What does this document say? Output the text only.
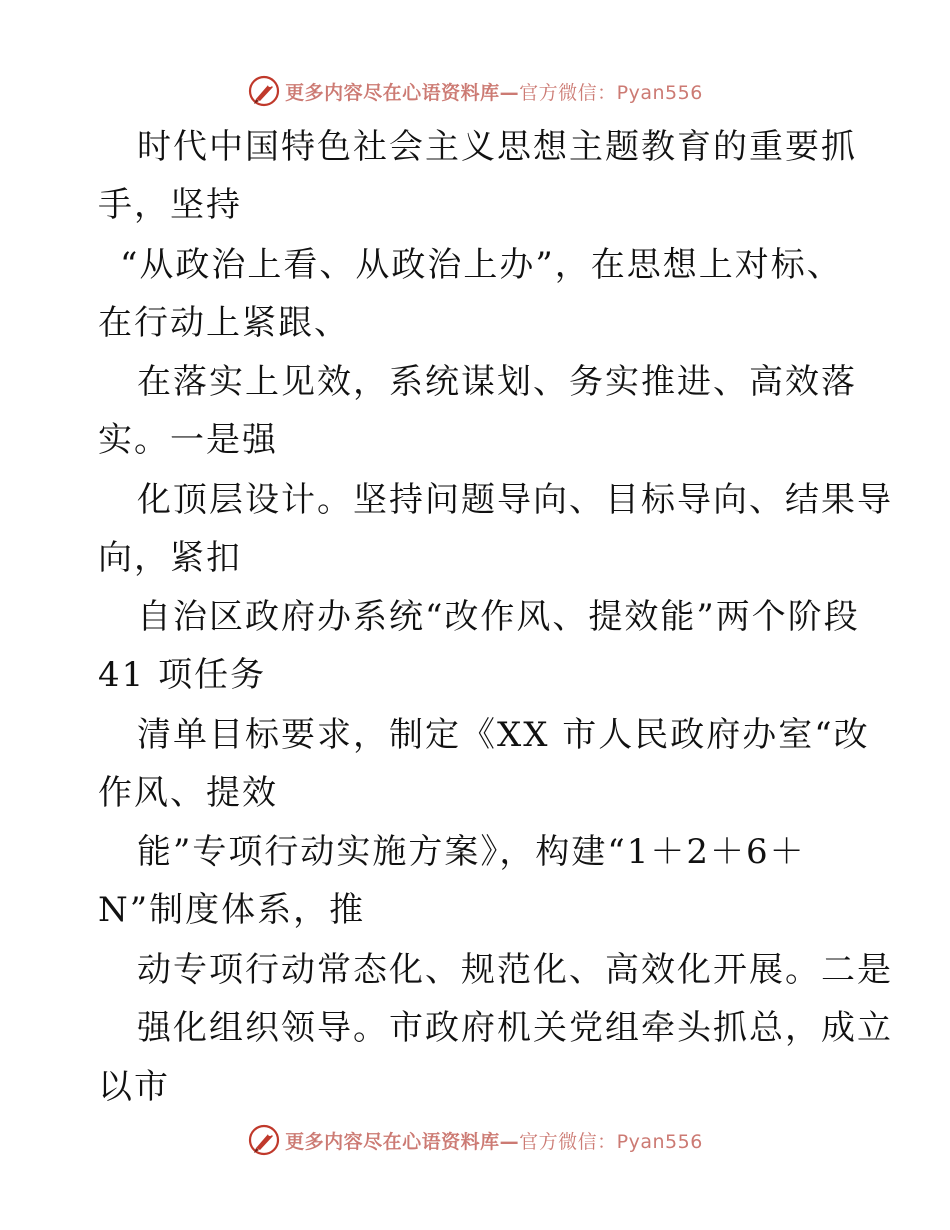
更多内容尽在心语资料库—官方微信：Pyan556
时代中国特色社会主义思想主题教育的重要抓
手，坚持
“从政治上看、从政治上办”，在思想上对标、
在行动上紧跟、
在落实上见效，系统谋划、务实推进、高效落
实。一是强
化顶层设计。坚持问题导向、目标导向、结果导
向，紧扣
自治区政府办系统“改作风、提效能”两个阶段
41 项任务
清单目标要求，制定《XX 市人民政府办室“改
作风、提效
能”专项行动实施方案》，构建“1＋2＋6＋
N”制度体系，推
动专项行动常态化、规范化、高效化开展。二是
强化组织领导。市政府机关党组牵头抓总，成立
以市
更多内容尽在心语资料库—官方微信：Pyan556
